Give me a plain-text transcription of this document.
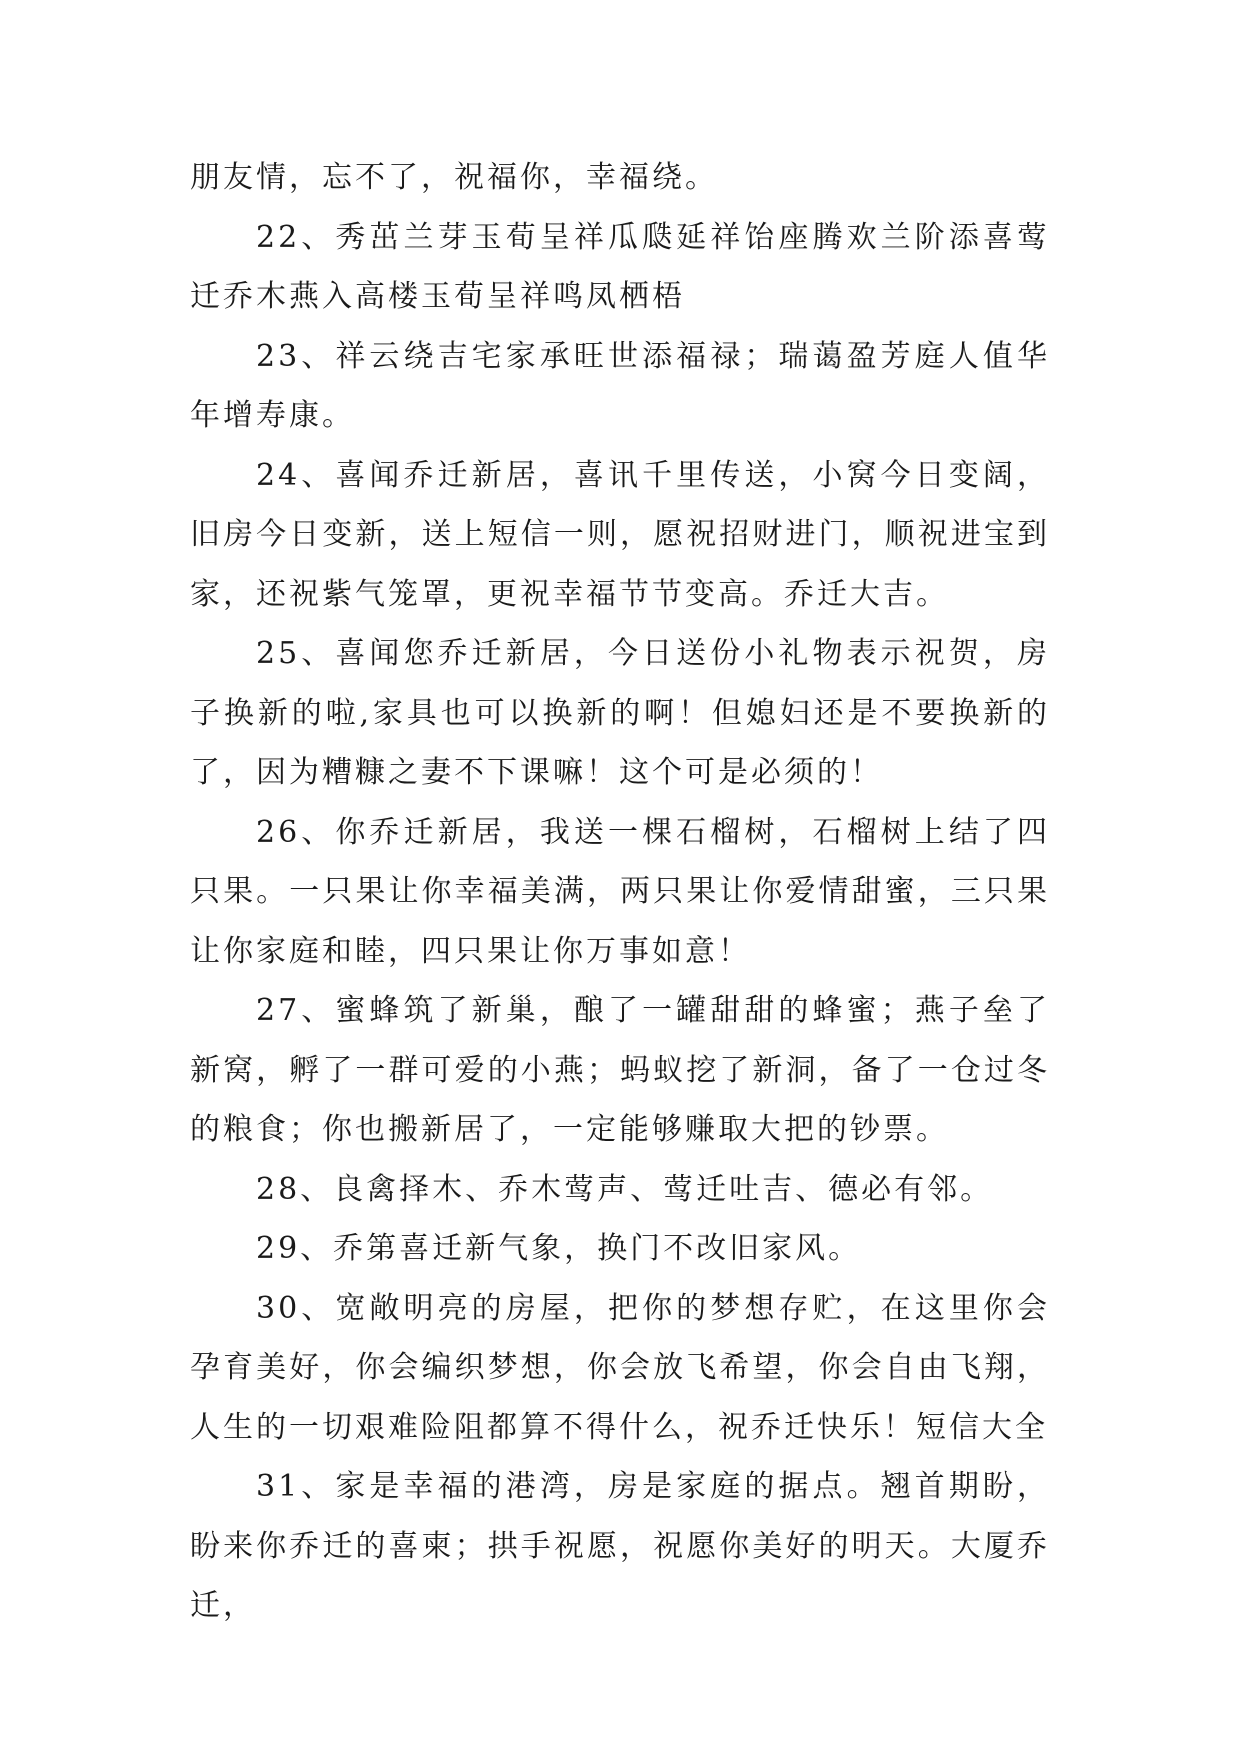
朋友情，忘不了，祝福你，幸福绕。

22、秀茁兰芽玉荀呈祥瓜瓞延祥饴座腾欢兰阶添喜莺迁乔木燕入高楼玉荀呈祥鸣凤栖梧

23、祥云绕吉宅家承旺世添福禄；瑞蔼盈芳庭人值华年增寿康。

24、喜闻乔迁新居，喜讯千里传送，小窝今日变阔，旧房今日变新，送上短信一则，愿祝招财进门，顺祝进宝到家，还祝紫气笼罩，更祝幸福节节变高。乔迁大吉。

25、喜闻您乔迁新居，今日送份小礼物表示祝贺，房子换新的啦,家具也可以换新的啊！但媳妇还是不要换新的了，因为糟糠之妻不下课嘛！这个可是必须的！

26、你乔迁新居，我送一棵石榴树，石榴树上结了四只果。一只果让你幸福美满，两只果让你爱情甜蜜，三只果让你家庭和睦，四只果让你万事如意！

27、蜜蜂筑了新巢，酿了一罐甜甜的蜂蜜；燕子垒了新窝，孵了一群可爱的小燕；蚂蚁挖了新洞，备了一仓过冬的粮食；你也搬新居了，一定能够赚取大把的钞票。

28、良禽择木、乔木莺声、莺迁吐吉、德必有邻。

29、乔第喜迁新气象，换门不改旧家风。

30、宽敞明亮的房屋，把你的梦想存贮，在这里你会孕育美好，你会编织梦想，你会放飞希望，你会自由飞翔，人生的一切艰难险阻都算不得什么，祝乔迁快乐！短信大全

31、家是幸福的港湾，房是家庭的据点。翘首期盼，盼来你乔迁的喜柬；拱手祝愿，祝愿你美好的明天。大厦乔迁，
